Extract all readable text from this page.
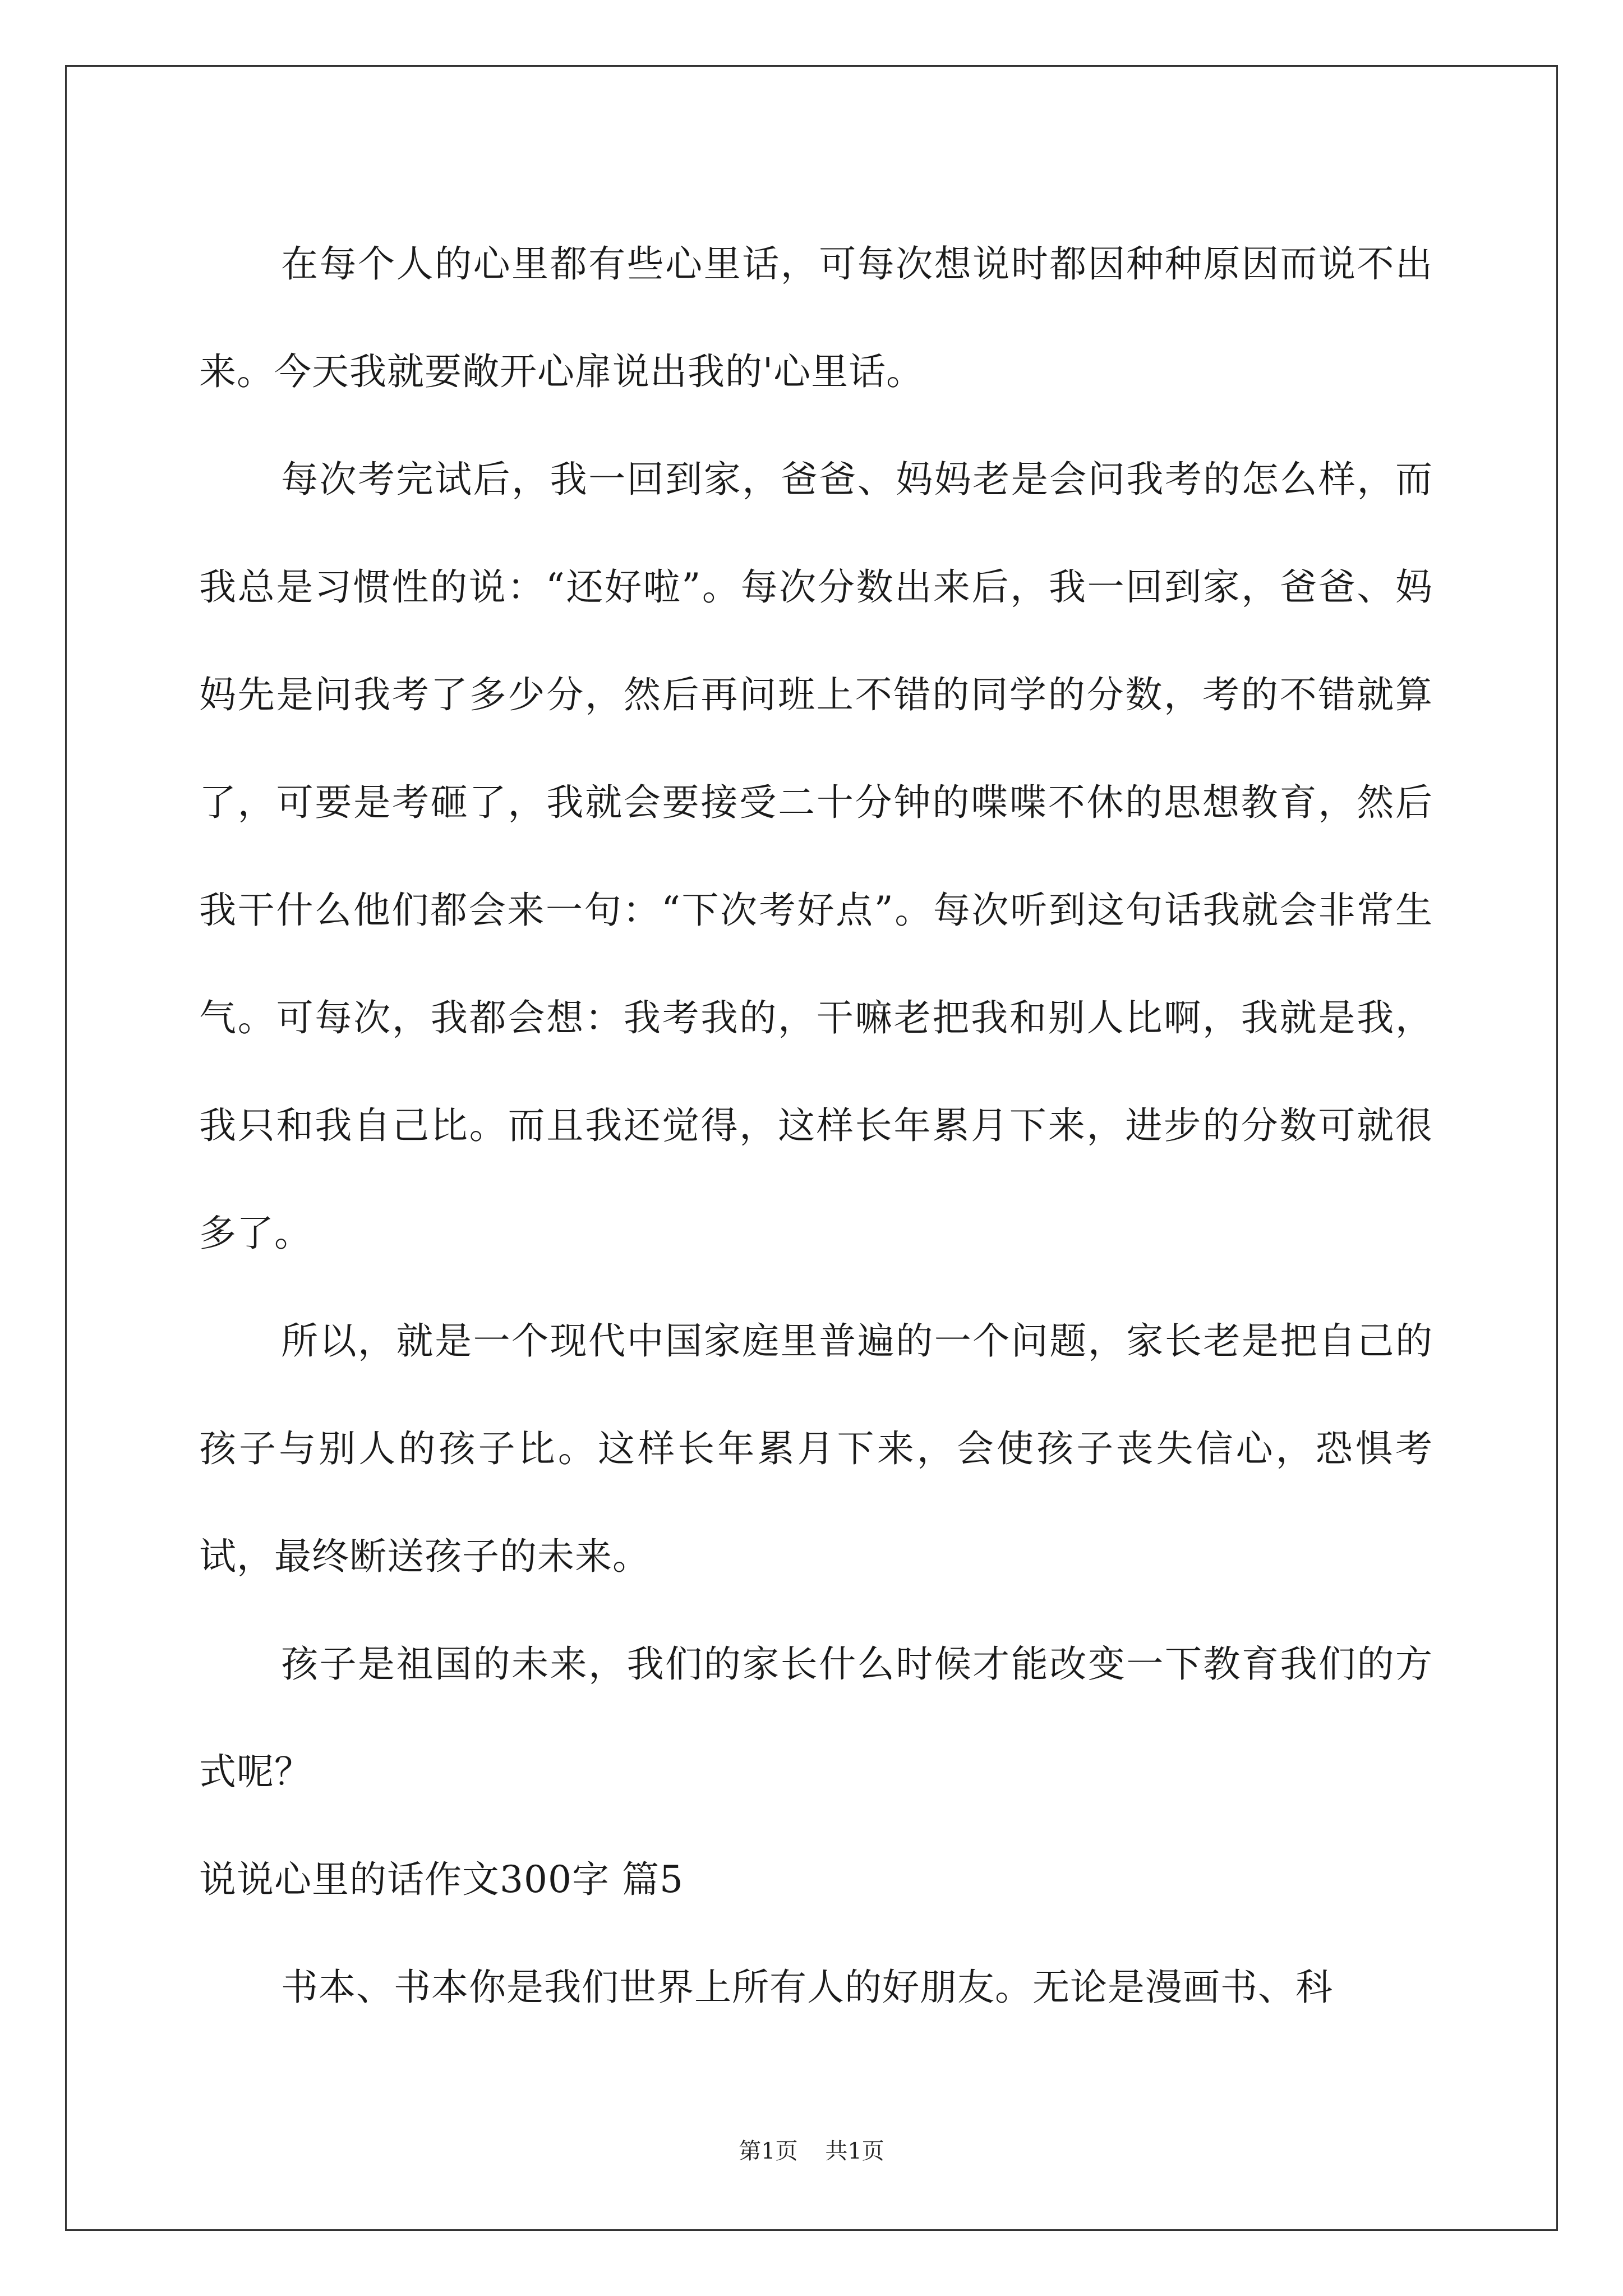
在每个人的心里都有些心里话，可每次想说时都因种种原因而说不出来。今天我就要敞开心扉说出我的'心里话。

每次考完试后，我一回到家，爸爸、妈妈老是会问我考的怎么样，而我总是习惯性的说：“还好啦”。每次分数出来后，我一回到家，爸爸、妈妈先是问我考了多少分，然后再问班上不错的同学的分数，考的不错就算了，可要是考砸了，我就会要接受二十分钟的喋喋不休的思想教育，然后我干什么他们都会来一句：“下次考好点”。每次听到这句话我就会非常生气。可每次，我都会想：我考我的，干嘛老把我和别人比啊，我就是我，我只和我自己比。而且我还觉得，这样长年累月下来，进步的分数可就很多了。

所以，就是一个现代中国家庭里普遍的一个问题，家长老是把自己的孩子与别人的孩子比。这样长年累月下来，会使孩子丧失信心，恐惧考试，最终断送孩子的未来。

孩子是祖国的未来，我们的家长什么时候才能改变一下教育我们的方式呢？

说说心里的话作文300字 篇5

书本、书本你是我们世界上所有人的好朋友。无论是漫画书、科

第1页 共1页
